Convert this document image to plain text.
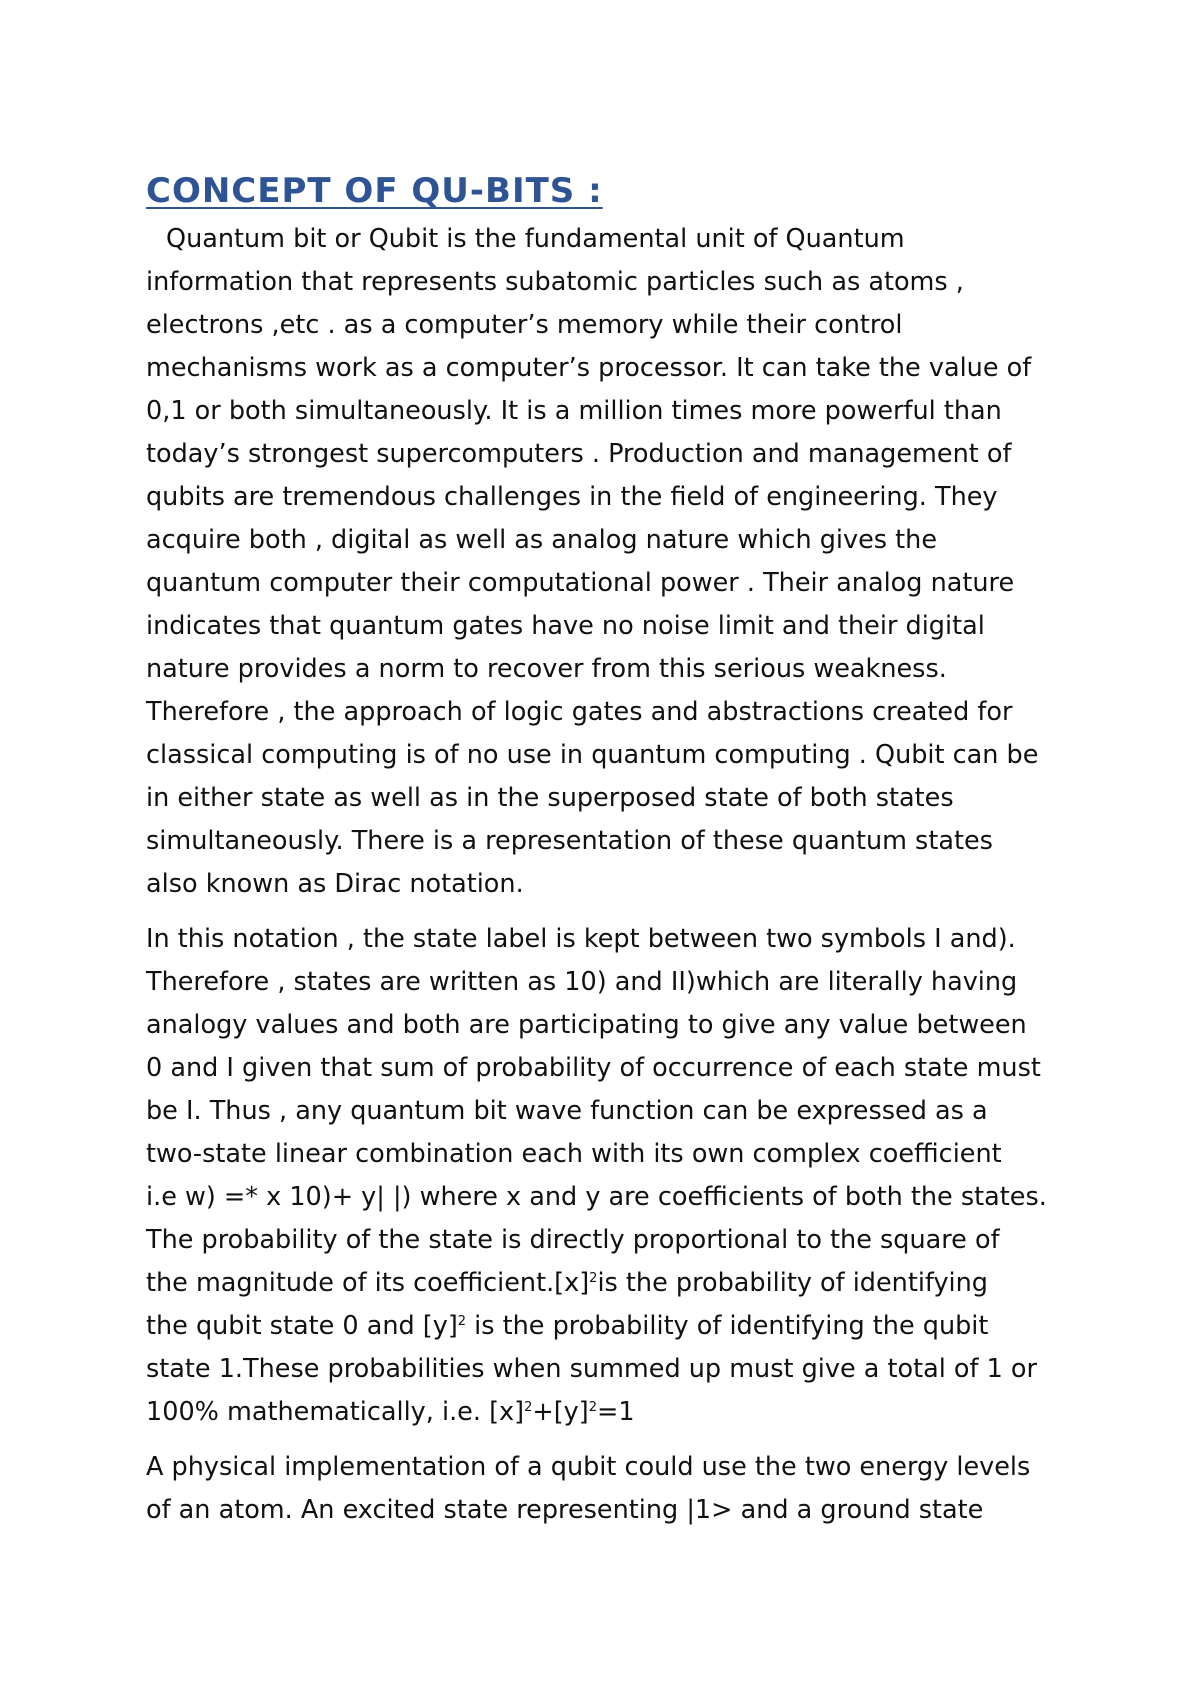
CONCEPT OF QU-BITS :
Quantum bit or Qubit is the fundamental unit of Quantum
information that represents subatomic particles such as atoms ,
electrons ,etc . as a computer’s memory while their control
mechanisms work as a computer’s processor. It can take the value of
0,1 or both simultaneously. It is a million times more powerful than
today’s strongest supercomputers . Production and management of
qubits are tremendous challenges in the field of engineering. They
acquire both , digital as well as analog nature which gives the
quantum computer their computational power . Their analog nature
indicates that quantum gates have no noise limit and their digital
nature provides a norm to recover from this serious weakness.
Therefore , the approach of logic gates and abstractions created for
classical computing is of no use in quantum computing . Qubit can be
in either state as well as in the superposed state of both states
simultaneously. There is a representation of these quantum states
also known as Dirac notation.
In this notation , the state label is kept between two symbols I and).
Therefore , states are written as 10) and II)which are literally having
analogy values and both are participating to give any value between
0 and I given that sum of probability of occurrence of each state must
be I. Thus , any quantum bit wave function can be expressed as a
two-state linear combination each with its own complex coefficient
i.e w) =* x 10)+ y| |) where x and y are coefficients of both the states.
The probability of the state is directly proportional to the square of
the magnitude of its $coefficient.[x]^2is$ the probability of identifying
the qubit state 0 and $[y]^2$ is the probability of identifying the qubit
state 1.These probabilities when summed up must give a total of 1 or
100% mathematically, i.e. $[x]^2+[y]^2=1$
A physical implementation of a qubit could use the two energy levels
of an atom. An excited state representing |1> and a ground state
